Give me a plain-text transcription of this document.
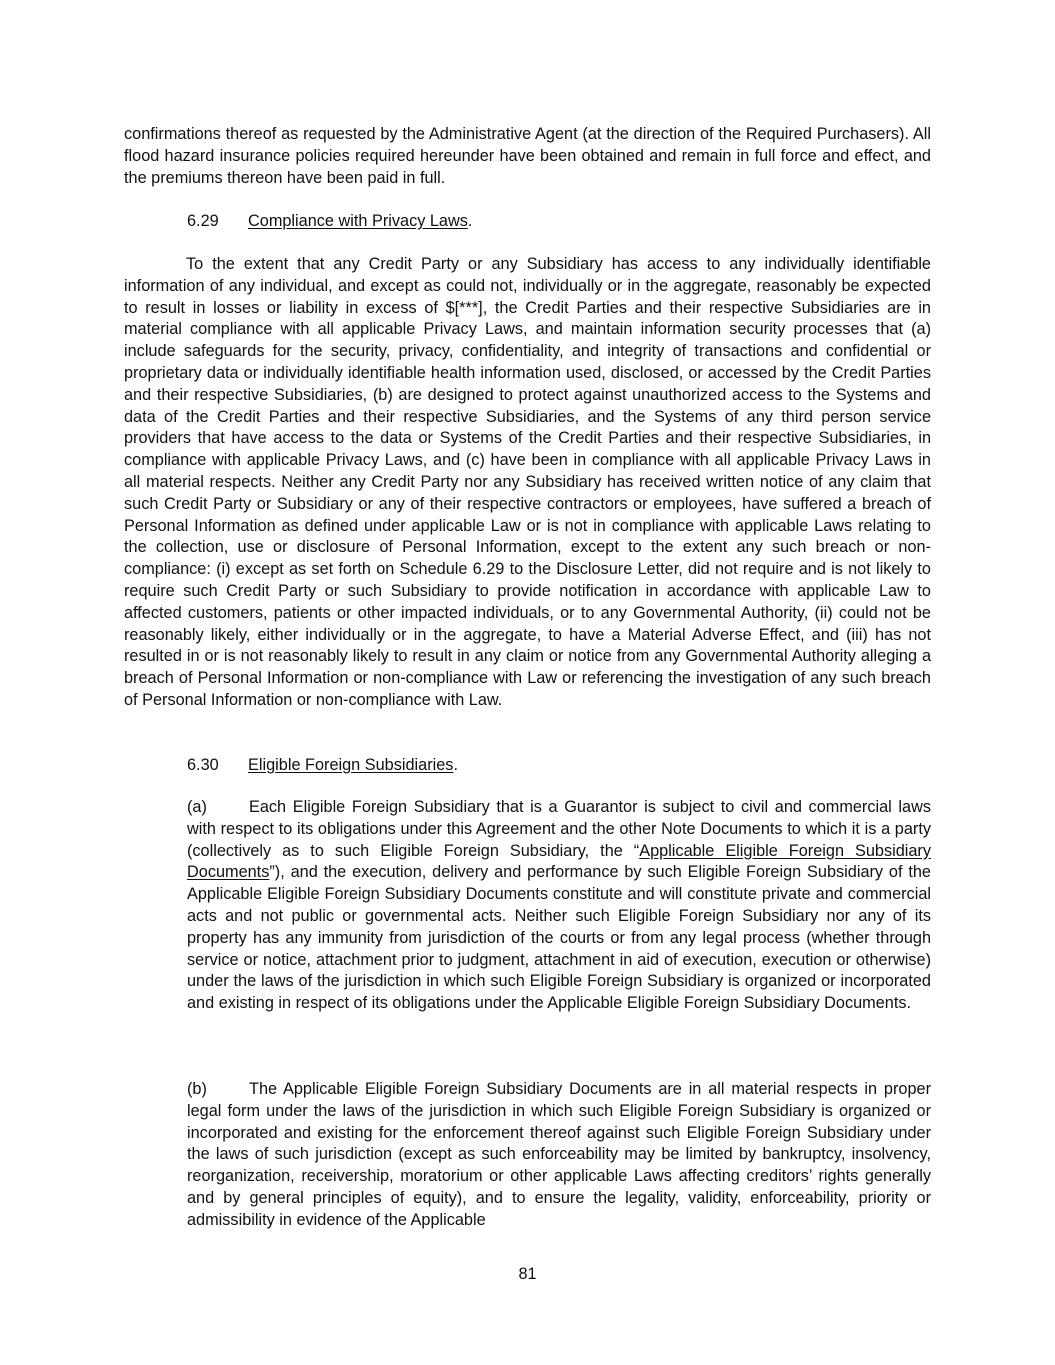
confirmations thereof as requested by the Administrative Agent (at the direction of the Required Purchasers). All flood hazard insurance policies required hereunder have been obtained and remain in full force and effect, and the premiums thereon have been paid in full.

6.29 Compliance with Privacy Laws.

To the extent that any Credit Party or any Subsidiary has access to any individually identifiable information of any individual, and except as could not, individually or in the aggregate, reasonably be expected to result in losses or liability in excess of $[***], the Credit Parties and their respective Subsidiaries are in material compliance with all applicable Privacy Laws, and maintain information security processes that (a) include safeguards for the security, privacy, confidentiality, and integrity of transactions and confidential or proprietary data or individually identifiable health information used, disclosed, or accessed by the Credit Parties and their respective Subsidiaries, (b) are designed to protect against unauthorized access to the Systems and data of the Credit Parties and their respective Subsidiaries, and the Systems of any third person service providers that have access to the data or Systems of the Credit Parties and their respective Subsidiaries, in compliance with applicable Privacy Laws, and (c) have been in compliance with all applicable Privacy Laws in all material respects. Neither any Credit Party nor any Subsidiary has received written notice of any claim that such Credit Party or Subsidiary or any of their respective contractors or employees, have suffered a breach of Personal Information as defined under applicable Law or is not in compliance with applicable Laws relating to the collection, use or disclosure of Personal Information, except to the extent any such breach or non-compliance: (i) except as set forth on Schedule 6.29 to the Disclosure Letter, did not require and is not likely to require such Credit Party or such Subsidiary to provide notification in accordance with applicable Law to affected customers, patients or other impacted individuals, or to any Governmental Authority, (ii) could not be reasonably likely, either individually or in the aggregate, to have a Material Adverse Effect, and (iii) has not resulted in or is not reasonably likely to result in any claim or notice from any Governmental Authority alleging a breach of Personal Information or non-compliance with Law or referencing the investigation of any such breach of Personal Information or non-compliance with Law.

6.30 Eligible Foreign Subsidiaries.

(a)	Each Eligible Foreign Subsidiary that is a Guarantor is subject to civil and commercial laws with respect to its obligations under this Agreement and the other Note Documents to which it is a party (collectively as to such Eligible Foreign Subsidiary, the “Applicable Eligible Foreign Subsidiary Documents”), and the execution, delivery and performance by such Eligible Foreign Subsidiary of the Applicable Eligible Foreign Subsidiary Documents constitute and will constitute private and commercial acts and not public or governmental acts. Neither such Eligible Foreign Subsidiary nor any of its property has any immunity from jurisdiction of the courts or from any legal process (whether through service or notice, attachment prior to judgment, attachment in aid of execution, execution or otherwise) under the laws of the jurisdiction in which such Eligible Foreign Subsidiary is organized or incorporated and existing in respect of its obligations under the Applicable Eligible Foreign Subsidiary Documents.

(b)	The Applicable Eligible Foreign Subsidiary Documents are in all material respects in proper legal form under the laws of the jurisdiction in which such Eligible Foreign Subsidiary is organized or incorporated and existing for the enforcement thereof against such Eligible Foreign Subsidiary under the laws of such jurisdiction (except as such enforceability may be limited by bankruptcy, insolvency, reorganization, receivership, moratorium or other applicable Laws affecting creditors’ rights generally and by general principles of equity), and to ensure the legality, validity, enforceability, priority or admissibility in evidence of the Applicable

81
